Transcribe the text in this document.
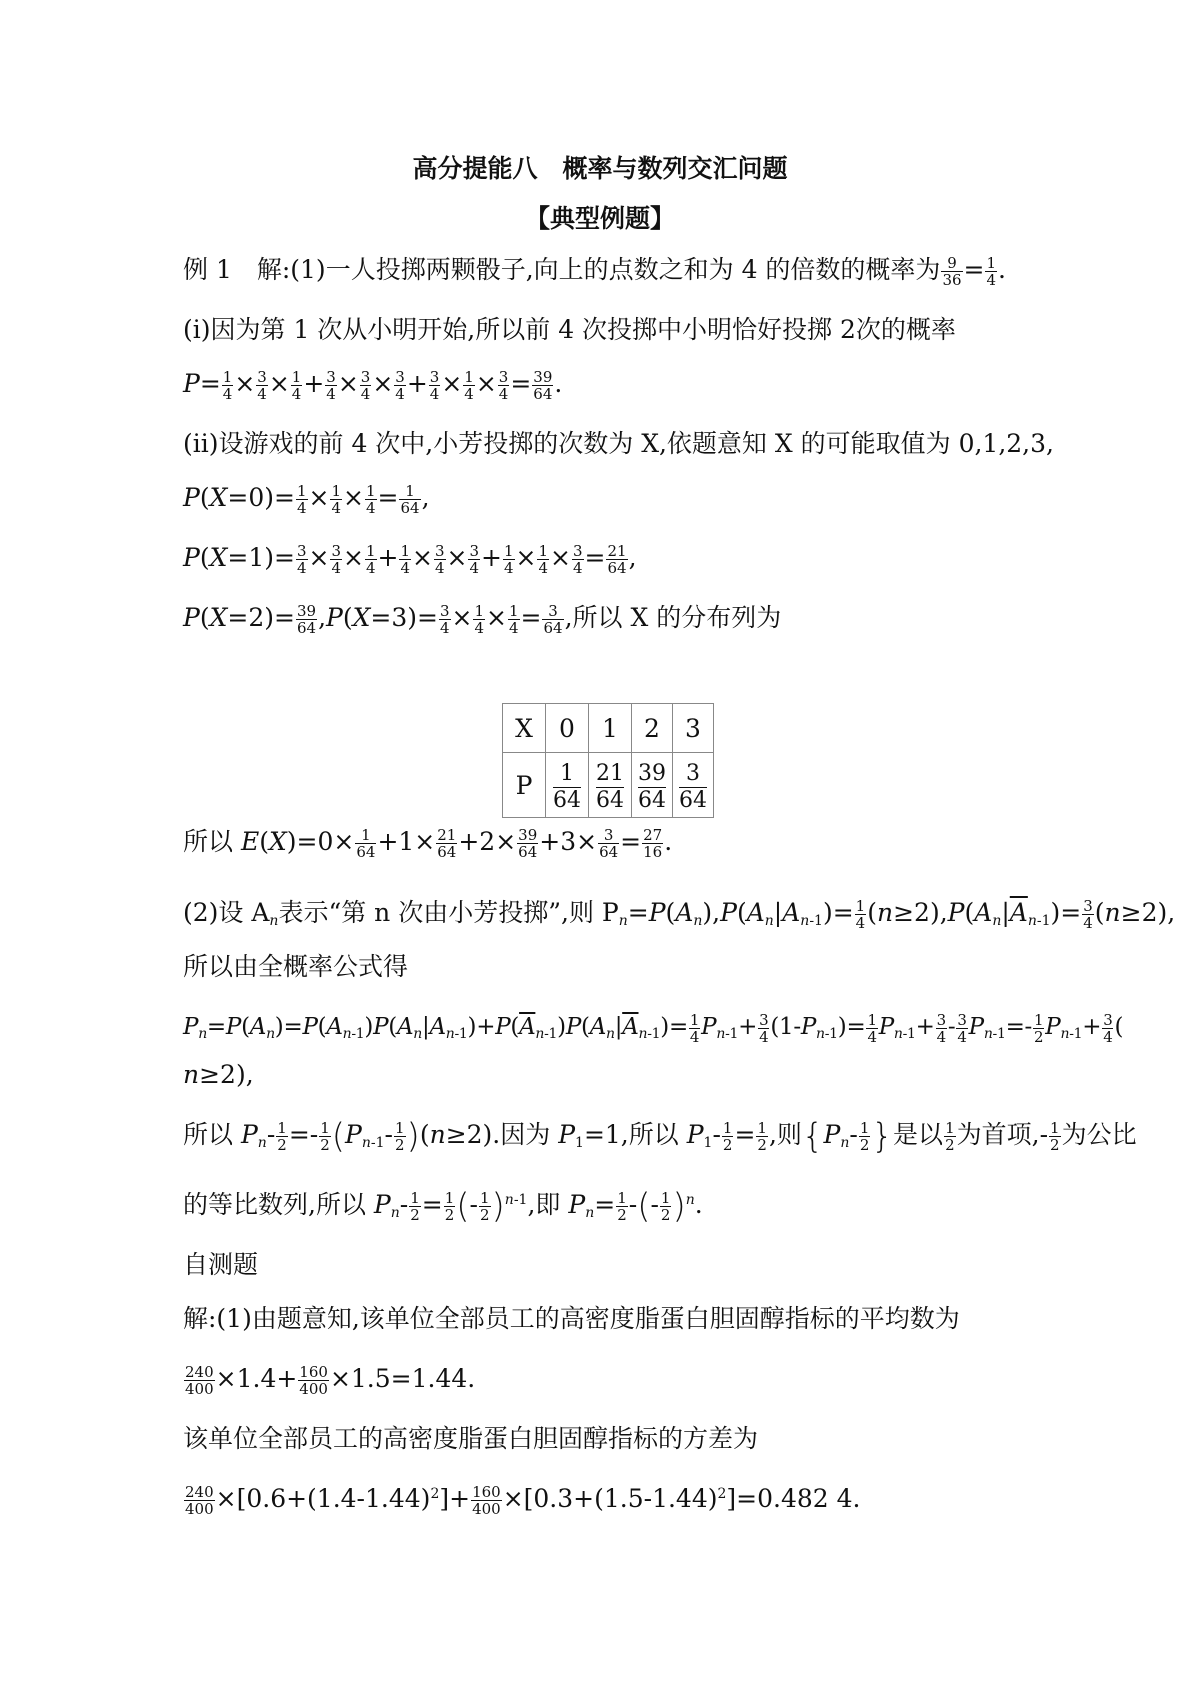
高分提能八　概率与数列交汇问题
【典型例题】
例 1　解:(1)一人投掷两颗骰子,向上的点数之和为 4 的倍数的概率为 $\frac{9}{36} = \frac{1}{4}$ .
(i)因为第 1 次从小明开始,所以前 4 次投掷中小明恰好投掷 2次的概率
$P= \frac{1}{4} \times \frac{3}{4} \times \frac{1}{4} + \frac{3}{4} \times \frac{3}{4} \times \frac{3}{4} + \frac{3}{4} \times \frac{1}{4} \times \frac{3}{4} = \frac{39}{64}$ .
(ii)设游戏的前 4 次中,小芳投掷的次数为 X,依题意知 X 的可能取值为 0,1,2,3,
$P(X=0)= \frac{1}{4} \times \frac{1}{4} \times \frac{1}{4} = \frac{1}{64}$ ,
$P(X=1)= \frac{3}{4} \times \frac{3}{4} \times \frac{1}{4} + \frac{1}{4} \times \frac{3}{4} \times \frac{3}{4} + \frac{1}{4} \times \frac{1}{4} \times \frac{3}{4} = \frac{21}{64}$ ,
$P(X=2)= \frac{39}{64} ,P(X=3)= \frac{3}{4} \times \frac{1}{4} \times \frac{1}{4} = \frac{3}{64}$ ,所以 X 的分布列为
X	0	1	2	3
P	$\frac{1}{64}$	$\frac{21}{64}$	$\frac{39}{64}$	$\frac{3}{64}$
所以 $E(X)=0\times \frac{1}{64} +1\times \frac{21}{64} +2\times \frac{39}{64} +3\times \frac{3}{64} = \frac{27}{16}$ .
(2)设 $A_n$表示“第 n 次由小芳投掷”,则 $P_n=P(A_n),P(A_n|A_{n-1})= \frac{1}{4} (n\ge 2),P(A_n|\overline{A}_{n-1})= \frac{3}{4} (n\ge 2)$,
所以由全概率公式得
$P_n=P(A_n)=P(A_{n-1})P(A_n|A_{n-1})+P(\overline{A}_{n-1})P(A_n|\overline{A}_{n-1})= \frac{1}{4} P_{n-1}+ \frac{3}{4} (1-P_{n-1})= \frac{1}{4} P_{n-1}+ \frac{3}{4} - \frac{3}{4} P_{n-1}=- \frac{1}{2} P_{n-1}+ \frac{3}{4}$ (
n≥2),
所以 $P_n- \frac{1}{2} =- \frac{1}{2} (P_{n-1}- \frac{1}{2} )(n\ge 2)$.因为 $P_1=1$,所以 $P_1- \frac{1}{2} = \frac{1}{2}$ ,则{$P_n- \frac{1}{2}$ }是以 $\frac{1}{2}$ 为首项,- $\frac{1}{2}$ 为公比
的等比数列,所以 $P_n- \frac{1}{2} = \frac{1}{2}$ (- $\frac{1}{2} )^{n-1}$,即 $P_n= \frac{1}{2}$ -(- $\frac{1}{2} )^n$.
自测题
解:(1)由题意知,该单位全部员工的高密度脂蛋白胆固醇指标的平均数为
$\frac{240}{400} \times 1.4+ \frac{160}{400} \times 1.5=1.44$.
该单位全部员工的高密度脂蛋白胆固醇指标的方差为
$\frac{240}{400} \times[0.6+(1.4-1.44)^2]+ \frac{160}{400} \times[0.3+(1.5-1.44)^2]=0.482$ 4.
